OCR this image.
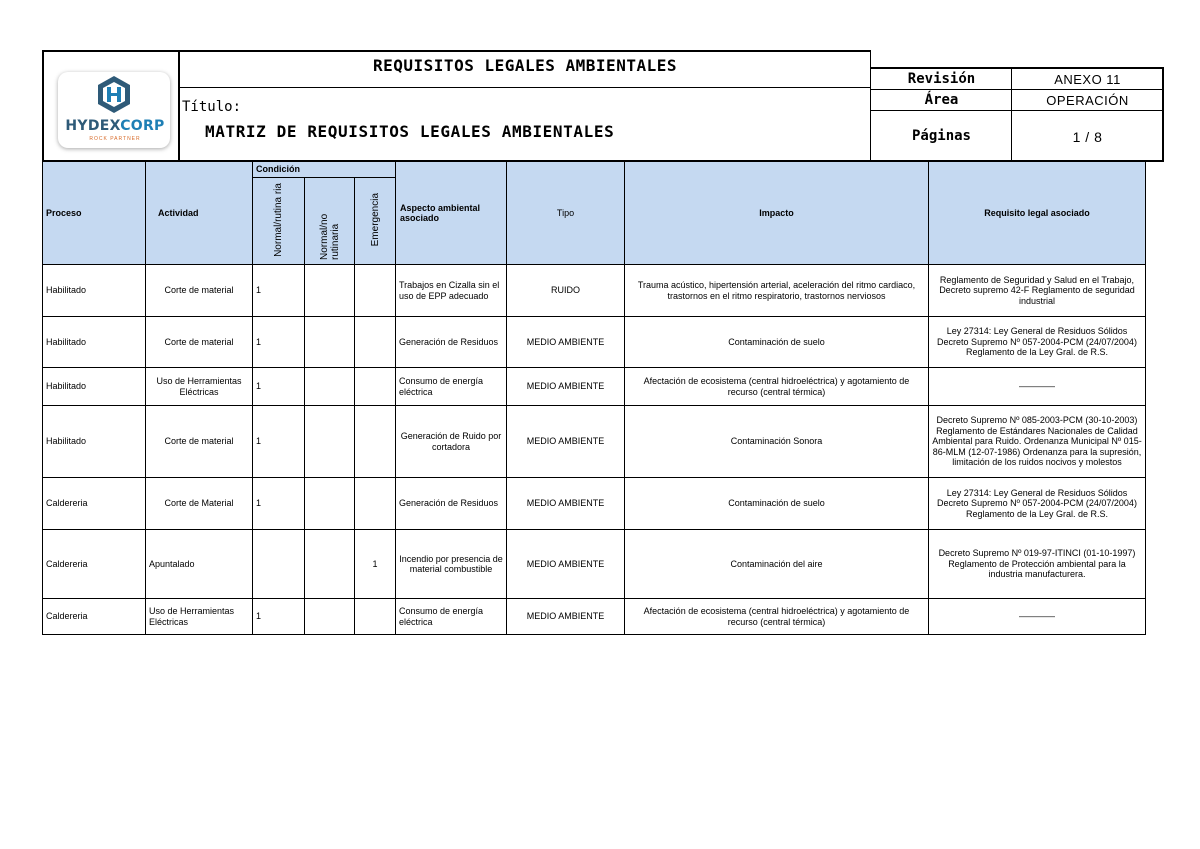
HYDEXCORP
ROCK PARTNER
REQUISITOS LEGALES AMBIENTALES
Título:
MATRIZ DE REQUISITOS LEGALES AMBIENTALES
Revisión	ANEXO 11
Área	OPERACIÓN
Páginas	1 / 8
Proceso	Actividad	Condición			Aspecto ambiental asociado	Tipo	Impacto	Requisito legal asociado
		Normal/rutina ria	Normal/no rutinaria	Emergencia				
Habilitado	Corte de material	1			Trabajos en Cizalla sin el uso de EPP adecuado	RUIDO	Trauma acústico, hipertensión arterial, aceleración del ritmo cardiaco, trastornos en el ritmo respiratorio, trastornos nerviosos	Reglamento de Seguridad y Salud en el Trabajo, Decreto supremo 42-F Reglamento de seguridad industrial
Habilitado	Corte de material	1			Generación de Residuos	MEDIO AMBIENTE	Contaminación de suelo	Ley 27314: Ley General de Residuos Sólidos Decreto Supremo Nº 057-2004-PCM (24/07/2004) Reglamento de la Ley Gral. de R.S.
Habilitado	Uso de Herramientas Eléctricas	1			Consumo de energía eléctrica	MEDIO AMBIENTE	Afectación de ecosistema (central hidroeléctrica) y agotamiento de recurso (central térmica)	————
Habilitado	Corte de material	1			Generación de Ruido por cortadora	MEDIO AMBIENTE	Contaminación Sonora	Decreto Supremo Nº 085-2003-PCM (30-10-2003) Reglamento de Estándares Nacionales de Calidad Ambiental para Ruido. Ordenanza Municipal Nº 015-86-MLM (12-07-1986) Ordenanza para la supresión, limitación de los ruidos nocivos y molestos
Caldereria	Corte de Material	1			Generación de Residuos	MEDIO AMBIENTE	Contaminación de suelo	Ley 27314: Ley General de Residuos Sólidos Decreto Supremo Nº 057-2004-PCM (24/07/2004) Reglamento de la Ley Gral. de R.S.
Caldereria	Apuntalado			1	Incendio por presencia de material combustible	MEDIO AMBIENTE	Contaminación del aire	Decreto Supremo Nº 019-97-ITINCI (01-10-1997) Reglamento de Protección ambiental para la industria manufacturera.
Caldereria	Uso de Herramientas Eléctricas	1			Consumo de energía eléctrica	MEDIO AMBIENTE	Afectación de ecosistema (central hidroeléctrica) y agotamiento de recurso (central térmica)	————
